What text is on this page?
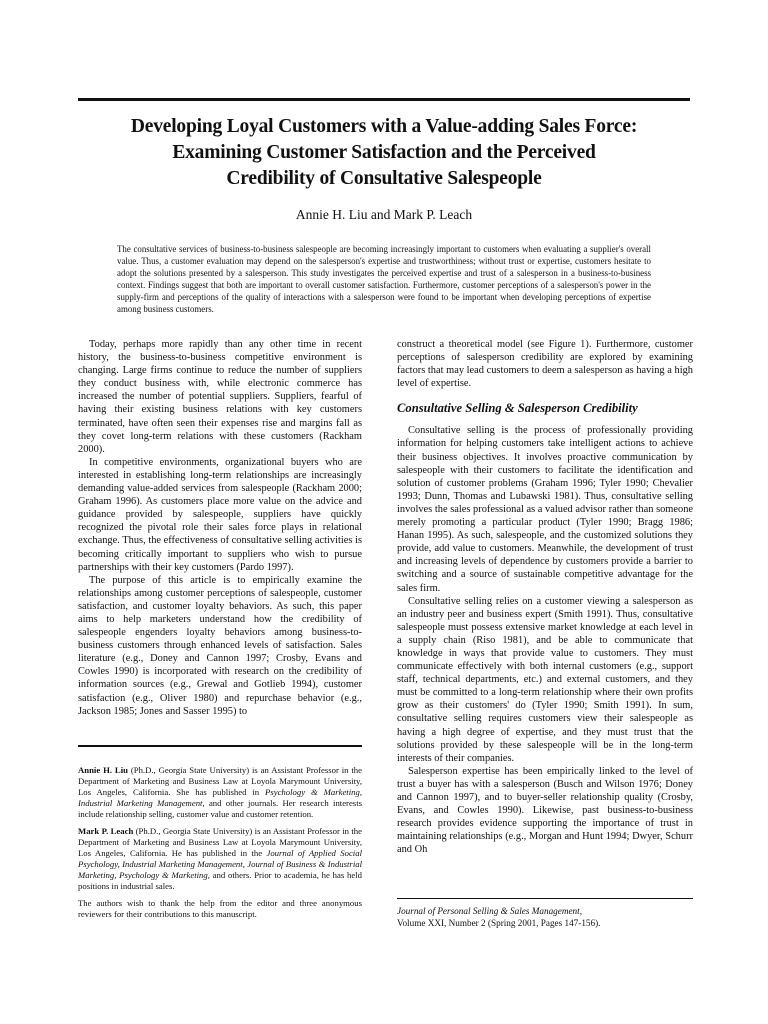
Developing Loyal Customers with a Value-adding Sales Force:
Examining Customer Satisfaction and the Perceived
Credibility of Consultative Salespeople
Annie H. Liu and Mark P. Leach
The consultative services of business-to-business salespeople are becoming increasingly important to customers when evaluating a supplier's overall value. Thus, a customer evaluation may depend on the salesperson's expertise and trustworthiness; without trust or expertise, customers hesitate to adopt the solutions presented by a salesperson. This study investigates the perceived expertise and trust of a salesperson in a business-to-business context. Findings suggest that both are important to overall customer satisfaction. Furthermore, customer perceptions of a salesperson's power in the supply-firm and perceptions of the quality of interactions with a salesperson were found to be important when developing perceptions of expertise among business customers.

Today, perhaps more rapidly than any other time in recent history, the business-to-business competitive environment is changing. Large firms continue to reduce the number of suppliers they conduct business with, while electronic commerce has increased the number of potential suppliers. Suppliers, fearful of having their existing business relations with key customers terminated, have often seen their expenses rise and margins fall as they covet long-term relations with these customers (Rackham 2000).

In competitive environments, organizational buyers who are interested in establishing long-term relationships are increasingly demanding value-added services from salespeople (Rackham 2000; Graham 1996). As customers place more value on the advice and guidance provided by salespeople, suppliers have quickly recognized the pivotal role their sales force plays in relational exchange. Thus, the effectiveness of consultative selling activities is becoming critically important to suppliers who wish to pursue partnerships with their key customers (Pardo 1997).

The purpose of this article is to empirically examine the relationships among customer perceptions of salespeople, customer satisfaction, and customer loyalty behaviors. As such, this paper aims to help marketers understand how the credibility of salespeople engenders loyalty behaviors among business-to-business customers through enhanced levels of satisfaction. Sales literature (e.g., Doney and Cannon 1997; Crosby, Evans and Cowles 1990) is incorporated with research on the credibility of information sources (e.g., Grewal and Gotlieb 1994), customer satisfaction (e.g., Oliver 1980) and repurchase behavior (e.g., Jackson 1985; Jones and Sasser 1995) to

Annie H. Liu (Ph.D., Georgia State University) is an Assistant Professor in the Department of Marketing and Business Law at Loyola Marymount University, Los Angeles, California. She has published in Psychology & Marketing, Industrial Marketing Management, and other journals. Her research interests include relationship selling, customer value and customer retention.

Mark P. Leach (Ph.D., Georgia State University) is an Assistant Professor in the Department of Marketing and Business Law at Loyola Marymount University, Los Angeles, California. He has published in the Journal of Applied Social Psychology, Industrial Marketing Management, Journal of Business & Industrial Marketing, Psychology & Marketing, and others. Prior to academia, he has held positions in industrial sales.

The authors wish to thank the help from the editor and three anonymous reviewers for their contributions to this manuscript.

construct a theoretical model (see Figure 1). Furthermore, customer perceptions of salesperson credibility are explored by examining factors that may lead customers to deem a salesperson as having a high level of expertise.

Consultative Selling & Salesperson Credibility

Consultative selling is the process of professionally providing information for helping customers take intelligent actions to achieve their business objectives. It involves proactive communication by salespeople with their customers to facilitate the identification and solution of customer problems (Graham 1996; Tyler 1990; Chevalier 1993; Dunn, Thomas and Lubawski 1981). Thus, consultative selling involves the sales professional as a valued advisor rather than someone merely promoting a particular product (Tyler 1990; Bragg 1986; Hanan 1995). As such, salespeople, and the customized solutions they provide, add value to customers. Meanwhile, the development of trust and increasing levels of dependence by customers provide a barrier to switching and a source of sustainable competitive advantage for the sales firm.

Consultative selling relies on a customer viewing a salesperson as an industry peer and business expert (Smith 1991). Thus, consultative salespeople must possess extensive market knowledge at each level in a supply chain (Riso 1981), and be able to communicate that knowledge in ways that provide value to customers. They must communicate effectively with both internal customers (e.g., support staff, technical departments, etc.) and external customers, and they must be committed to a long-term relationship where their own profits grow as their customers' do (Tyler 1990; Smith 1991). In sum, consultative selling requires customers view their salespeople as having a high degree of expertise, and they must trust that the solutions provided by these salespeople will be in the long-term interests of their companies.

Salesperson expertise has been empirically linked to the level of trust a buyer has with a salesperson (Busch and Wilson 1976; Doney and Cannon 1997), and to buyer-seller relationship quality (Crosby, Evans, and Cowles 1990). Likewise, past business-to-business research provides evidence supporting the importance of trust in maintaining relationships (e.g., Morgan and Hunt 1994; Dwyer, Schurr and Oh

Journal of Personal Selling & Sales Management,
Volume XXI, Number 2 (Spring 2001, Pages 147-156).
